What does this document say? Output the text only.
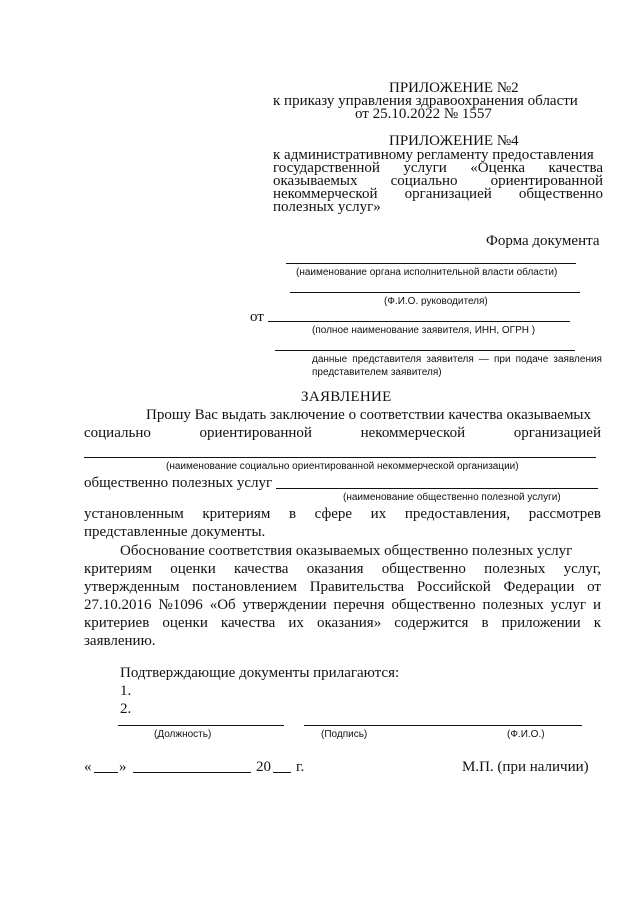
ПРИЛОЖЕНИЕ №2
к приказу управления здравоохранения области
от 25.10.2022 № 1557
ПРИЛОЖЕНИЕ №4
к административному регламенту предоставления
государственной услуги «Оценка качества
оказываемых социально ориентированной
некоммерческой организацией общественно
полезных услуг»
Форма документа
(наименование органа исполнительной власти области)
(Ф.И.О. руководителя)
от
(полное наименование заявителя, ИНН, ОГРН )
данные представителя заявителя — при подаче заявления
представителем заявителя)
ЗАЯВЛЕНИЕ
Прошу Вас выдать заключение о соответствии качества оказываемых
социально	ориентированной	некоммерческой	организацией
(наименование социально ориентированной некоммерческой организации)
общественно полезных услуг
(наименование общественно полезной услуги)
установленным критериям в сфере их предоставления, рассмотрев
представленные документы.
Обоснование соответствия оказываемых общественно полезных услуг
критериям оценки качества оказания общественно полезных услуг,
утвержденным постановлением Правительства Российской Федерации от
27.10.2016 №1096 «Об утверждении перечня общественно полезных услуг и
критериев оценки качества их оказания» содержится в приложении к
заявлению.
Подтверждающие документы прилагаются:
1.
2.
(Должность)	(Подпись)	(Ф.И.О.)
« »	20 г.	М.П. (при наличии)
